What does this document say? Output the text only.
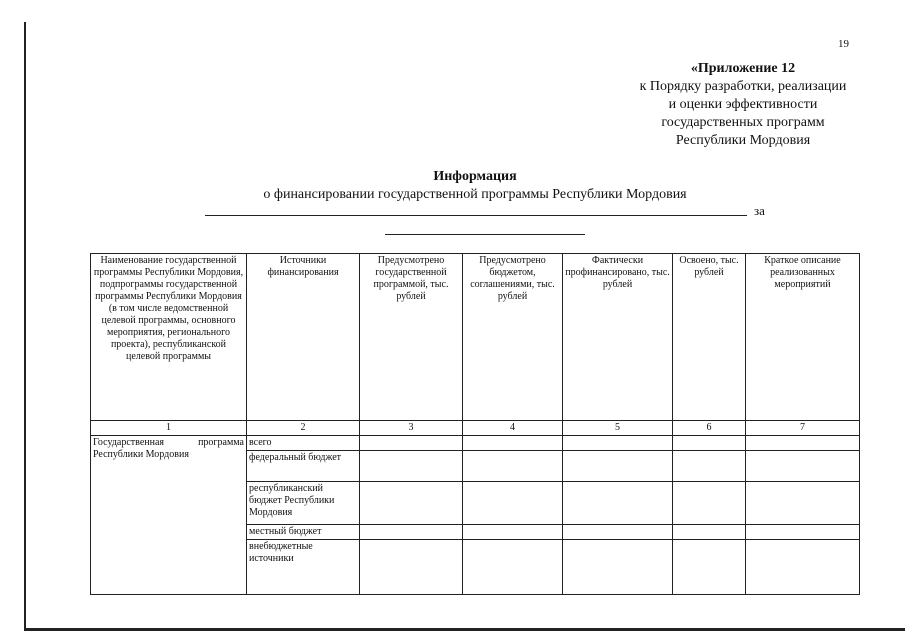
19
«Приложение 12
к Порядку разработки, реализации
и оценки эффективности
государственных программ
Республики Мордовия
Информация
о финансировании государственной программы Республики Мордовия
за
Наименование государственной программы Республики Мордовия, подпрограммы государственной программы Республики Мордовия (в том числе ведомственной целевой программы, основного мероприятия, регионального проекта), республиканской целевой программы	Источники финансирования	Предусмотрено государственной программой, тыс. рублей	Предусмотрено бюджетом, соглашениями, тыс. рублей	Фактически профинансировано, тыс. рублей	Освоено, тыс. рублей	Краткое описание реализованных мероприятий
1	2	3	4	5	6	7
Государственная программа Республики Мордовия	всего					
	федеральный бюджет					
	республиканский бюджет Республики Мордовия					
	местный бюджет					
	внебюджетные источники					
